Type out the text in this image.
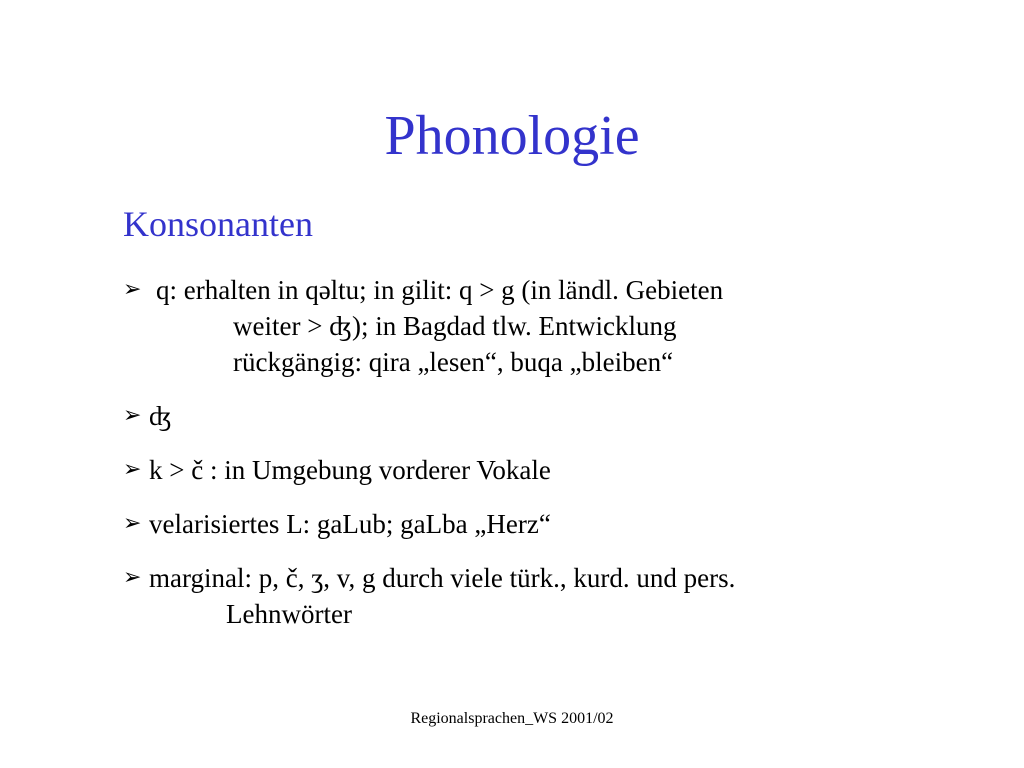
Phonologie
Konsonanten
➢ q: erhalten in qəltu; in gilit: q > g (in ländl. Gebieten
weiter > ʤ); in Bagdad tlw. Entwicklung
rückgängig: qira „lesen“, buqa „bleiben“
➢ ʤ
➢ k > č : in Umgebung vorderer Vokale
➢ velarisiertes L: gaLub; gaLba „Herz“
➢ marginal: p, č, ʒ, v, g durch viele türk., kurd. und pers.
Lehnwörter
Regionalsprachen_WS 2001/02
